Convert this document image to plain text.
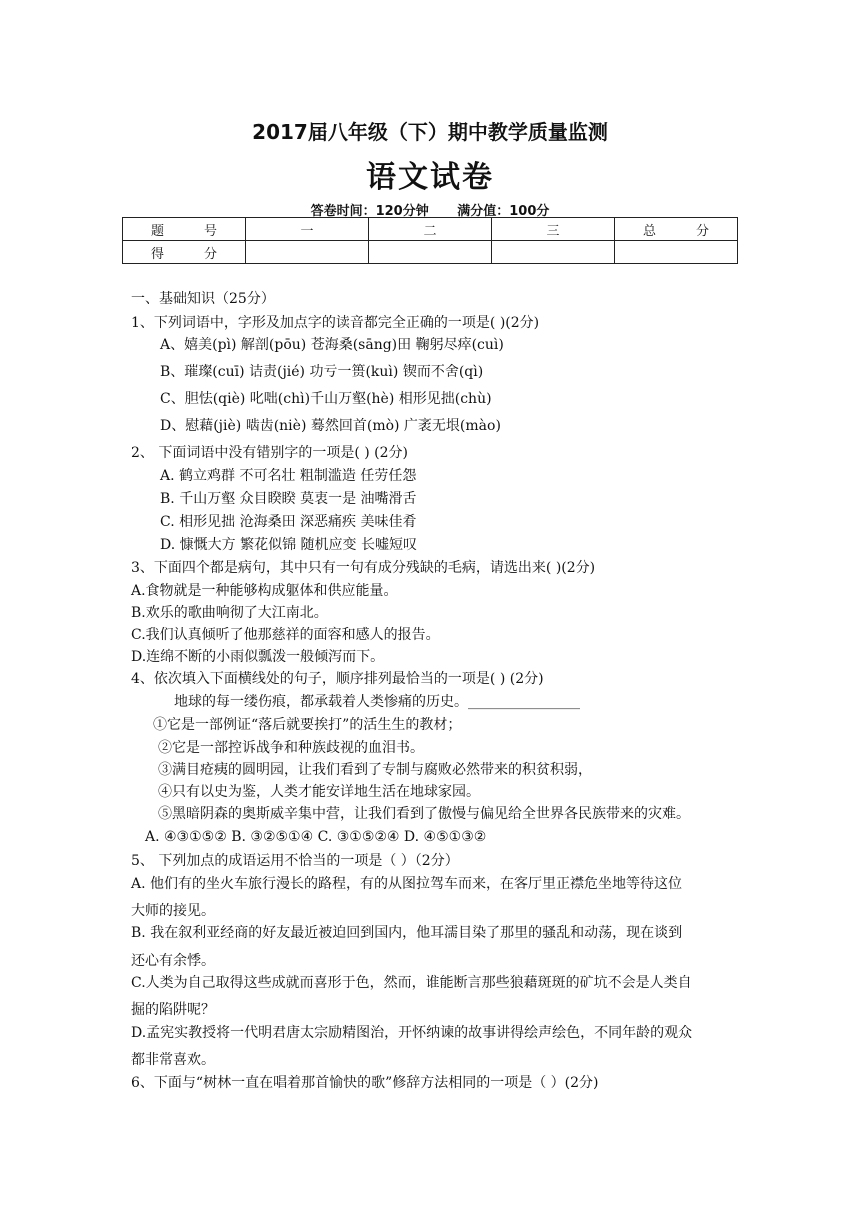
2017届八年级（下）期中教学质量监测
语文试卷
答卷时间：120分钟 满分值：100分
题 号	一	二	三	总 分
得 分				
一、基础知识（25分）
1、下列词语中，字形及加点字的读音都完全正确的一项是( )(2分)
A、嬉美(pì) 解剖(pōu) 苍海桑(sāng)田 鞠躬尽瘁(cuì)
B、璀璨(cuī) 诘责(jié) 功亏一篑(kuì) 锲而不舍(qì)
C、胆怯(qiè) 叱咄(chì)千山万壑(hè) 相形见拙(chù)
D、慰藉(jiè) 啮齿(niè) 蓦然回首(mò) 广袤无垠(mào)
2、 下面词语中没有错别字的一项是( ) (2分)
A. 鹤立鸡群 不可名壮 粗制滥造 任劳任怨
B. 千山万壑 众目睽睽 莫衷一是 油嘴滑舌
C. 相形见拙 沧海桑田 深恶痛疾 美味佳肴
D. 慷慨大方 繁花似锦 随机应变 长嘘短叹
3、下面四个都是病句，其中只有一句有成分残缺的毛病，请选出来( )(2分)
A.食物就是一种能够构成躯体和供应能量。
B.欢乐的歌曲响彻了大江南北。
C.我们认真倾听了他那慈祥的面容和感人的报告。
D.连绵不断的小雨似瓢泼一般倾泻而下。
4、依次填入下面横线处的句子，顺序排列最恰当的一项是( ) (2分)
地球的每一缕伤痕，都承载着人类惨痛的历史。________________
①它是一部例证“落后就要挨打”的活生生的教材；
②它是一部控诉战争和种族歧视的血泪书。
③满目疮痍的圆明园，让我们看到了专制与腐败必然带来的积贫积弱，
④只有以史为鉴，人类才能安详地生活在地球家园。
⑤黑暗阴森的奥斯威辛集中营，让我们看到了傲慢与偏见给全世界各民族带来的灾难。
A. ④③①⑤② B. ③②⑤①④ C. ③①⑤②④ D. ④⑤①③②
5、 下列加点的成语运用不恰当的一项是（ ）（2分）
A. 他们有的坐火车旅行漫长的路程，有的从图拉驾车而来，在客厅里正襟危坐地等待这位
大师的接见。
B. 我在叙利亚经商的好友最近被迫回到国内，他耳濡目染了那里的骚乱和动荡，现在谈到
还心有余悸。
C.人类为自己取得这些成就而喜形于色，然而，谁能断言那些狼藉斑斑的矿坑不会是人类自
掘的陷阱呢？
D.孟宪实教授将一代明君唐太宗励精图治，开怀纳谏的故事讲得绘声绘色，不同年龄的观众
都非常喜欢。
6、下面与“树林一直在唱着那首愉快的歌”修辞方法相同的一项是（ ）(2分)
